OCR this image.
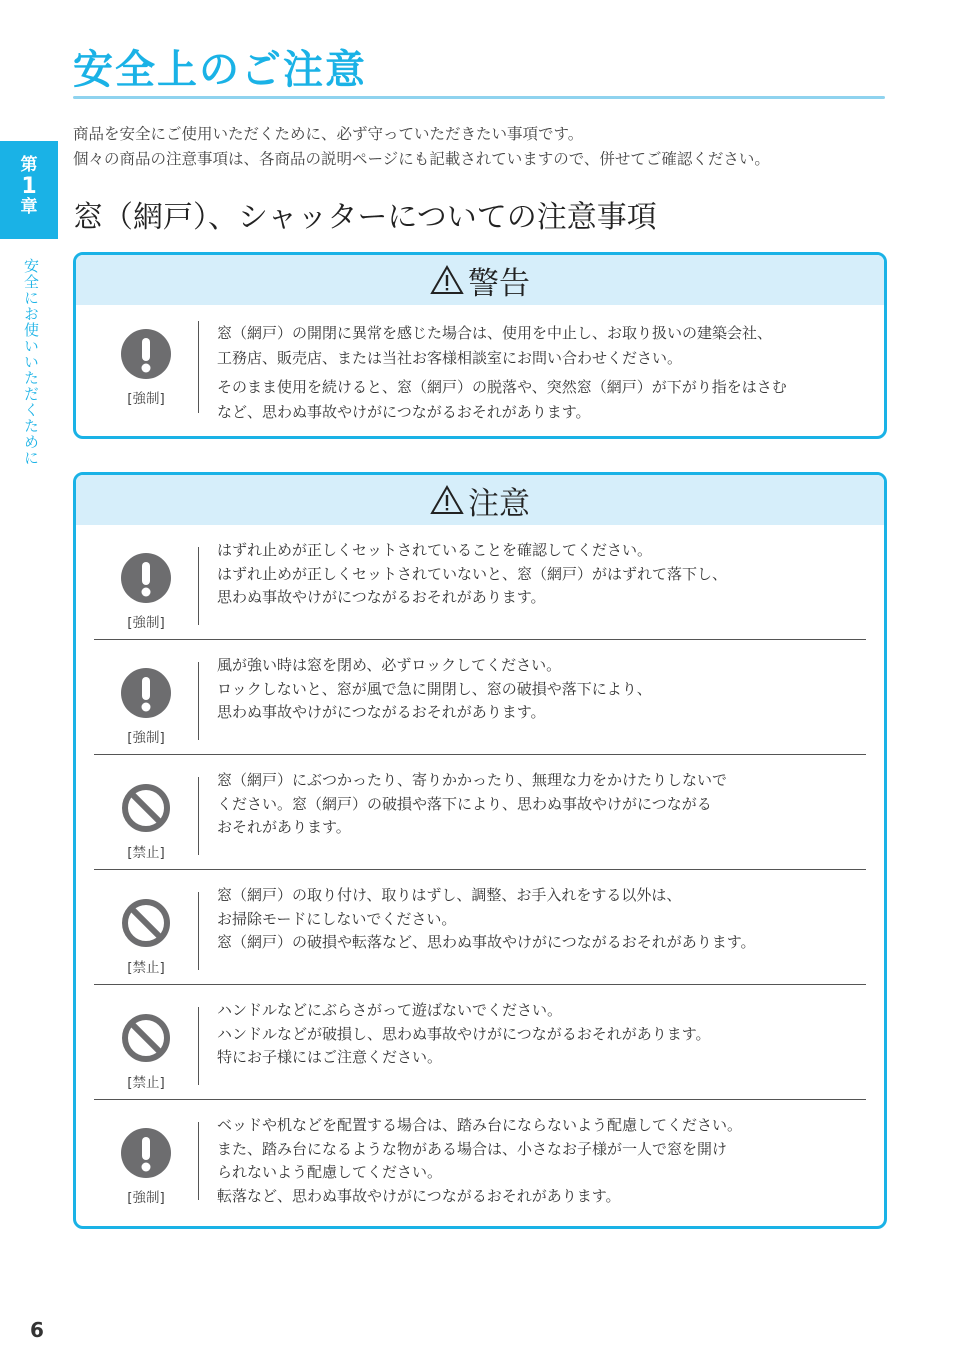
安全上のご注意
商品を安全にご使用いただくために、必ず守っていただきたい事項です。
個々の商品の注意事項は、各商品の説明ページにも記載されていますので、併せてご確認ください。
第
1
章
安全にお使いいただくために
窓（網戸）、シャッターについての注意事項
警告
[強制]
窓（網戸）の開閉に異常を感じた場合は、使用を中止し、お取り扱いの建築会社、
工務店、販売店、または当社お客様相談室にお問い合わせください。
そのまま使用を続けると、窓（網戸）の脱落や、突然窓（網戸）が下がり指をはさむ
など、思わぬ事故やけがにつながるおそれがあります。
注意
[強制]
はずれ止めが正しくセットされていることを確認してください。
はずれ止めが正しくセットされていないと、窓（網戸）がはずれて落下し、
思わぬ事故やけがにつながるおそれがあります。
[強制]
風が強い時は窓を閉め、必ずロックしてください。
ロックしないと、窓が風で急に開閉し、窓の破損や落下により、
思わぬ事故やけがにつながるおそれがあります。
[禁止]
窓（網戸）にぶつかったり、寄りかかったり、無理な力をかけたりしないで
ください。窓（網戸）の破損や落下により、思わぬ事故やけがにつながる
おそれがあります。
[禁止]
窓（網戸）の取り付け、取りはずし、調整、お手入れをする以外は、
お掃除モードにしないでください。
窓（網戸）の破損や転落など、思わぬ事故やけがにつながるおそれがあります。
[禁止]
ハンドルなどにぶらさがって遊ばないでください。
ハンドルなどが破損し、思わぬ事故やけがにつながるおそれがあります。
特にお子様にはご注意ください。
[強制]
ベッドや机などを配置する場合は、踏み台にならないよう配慮してください。
また、踏み台になるような物がある場合は、小さなお子様が一人で窓を開け
られないよう配慮してください。
転落など、思わぬ事故やけがにつながるおそれがあります。
6
